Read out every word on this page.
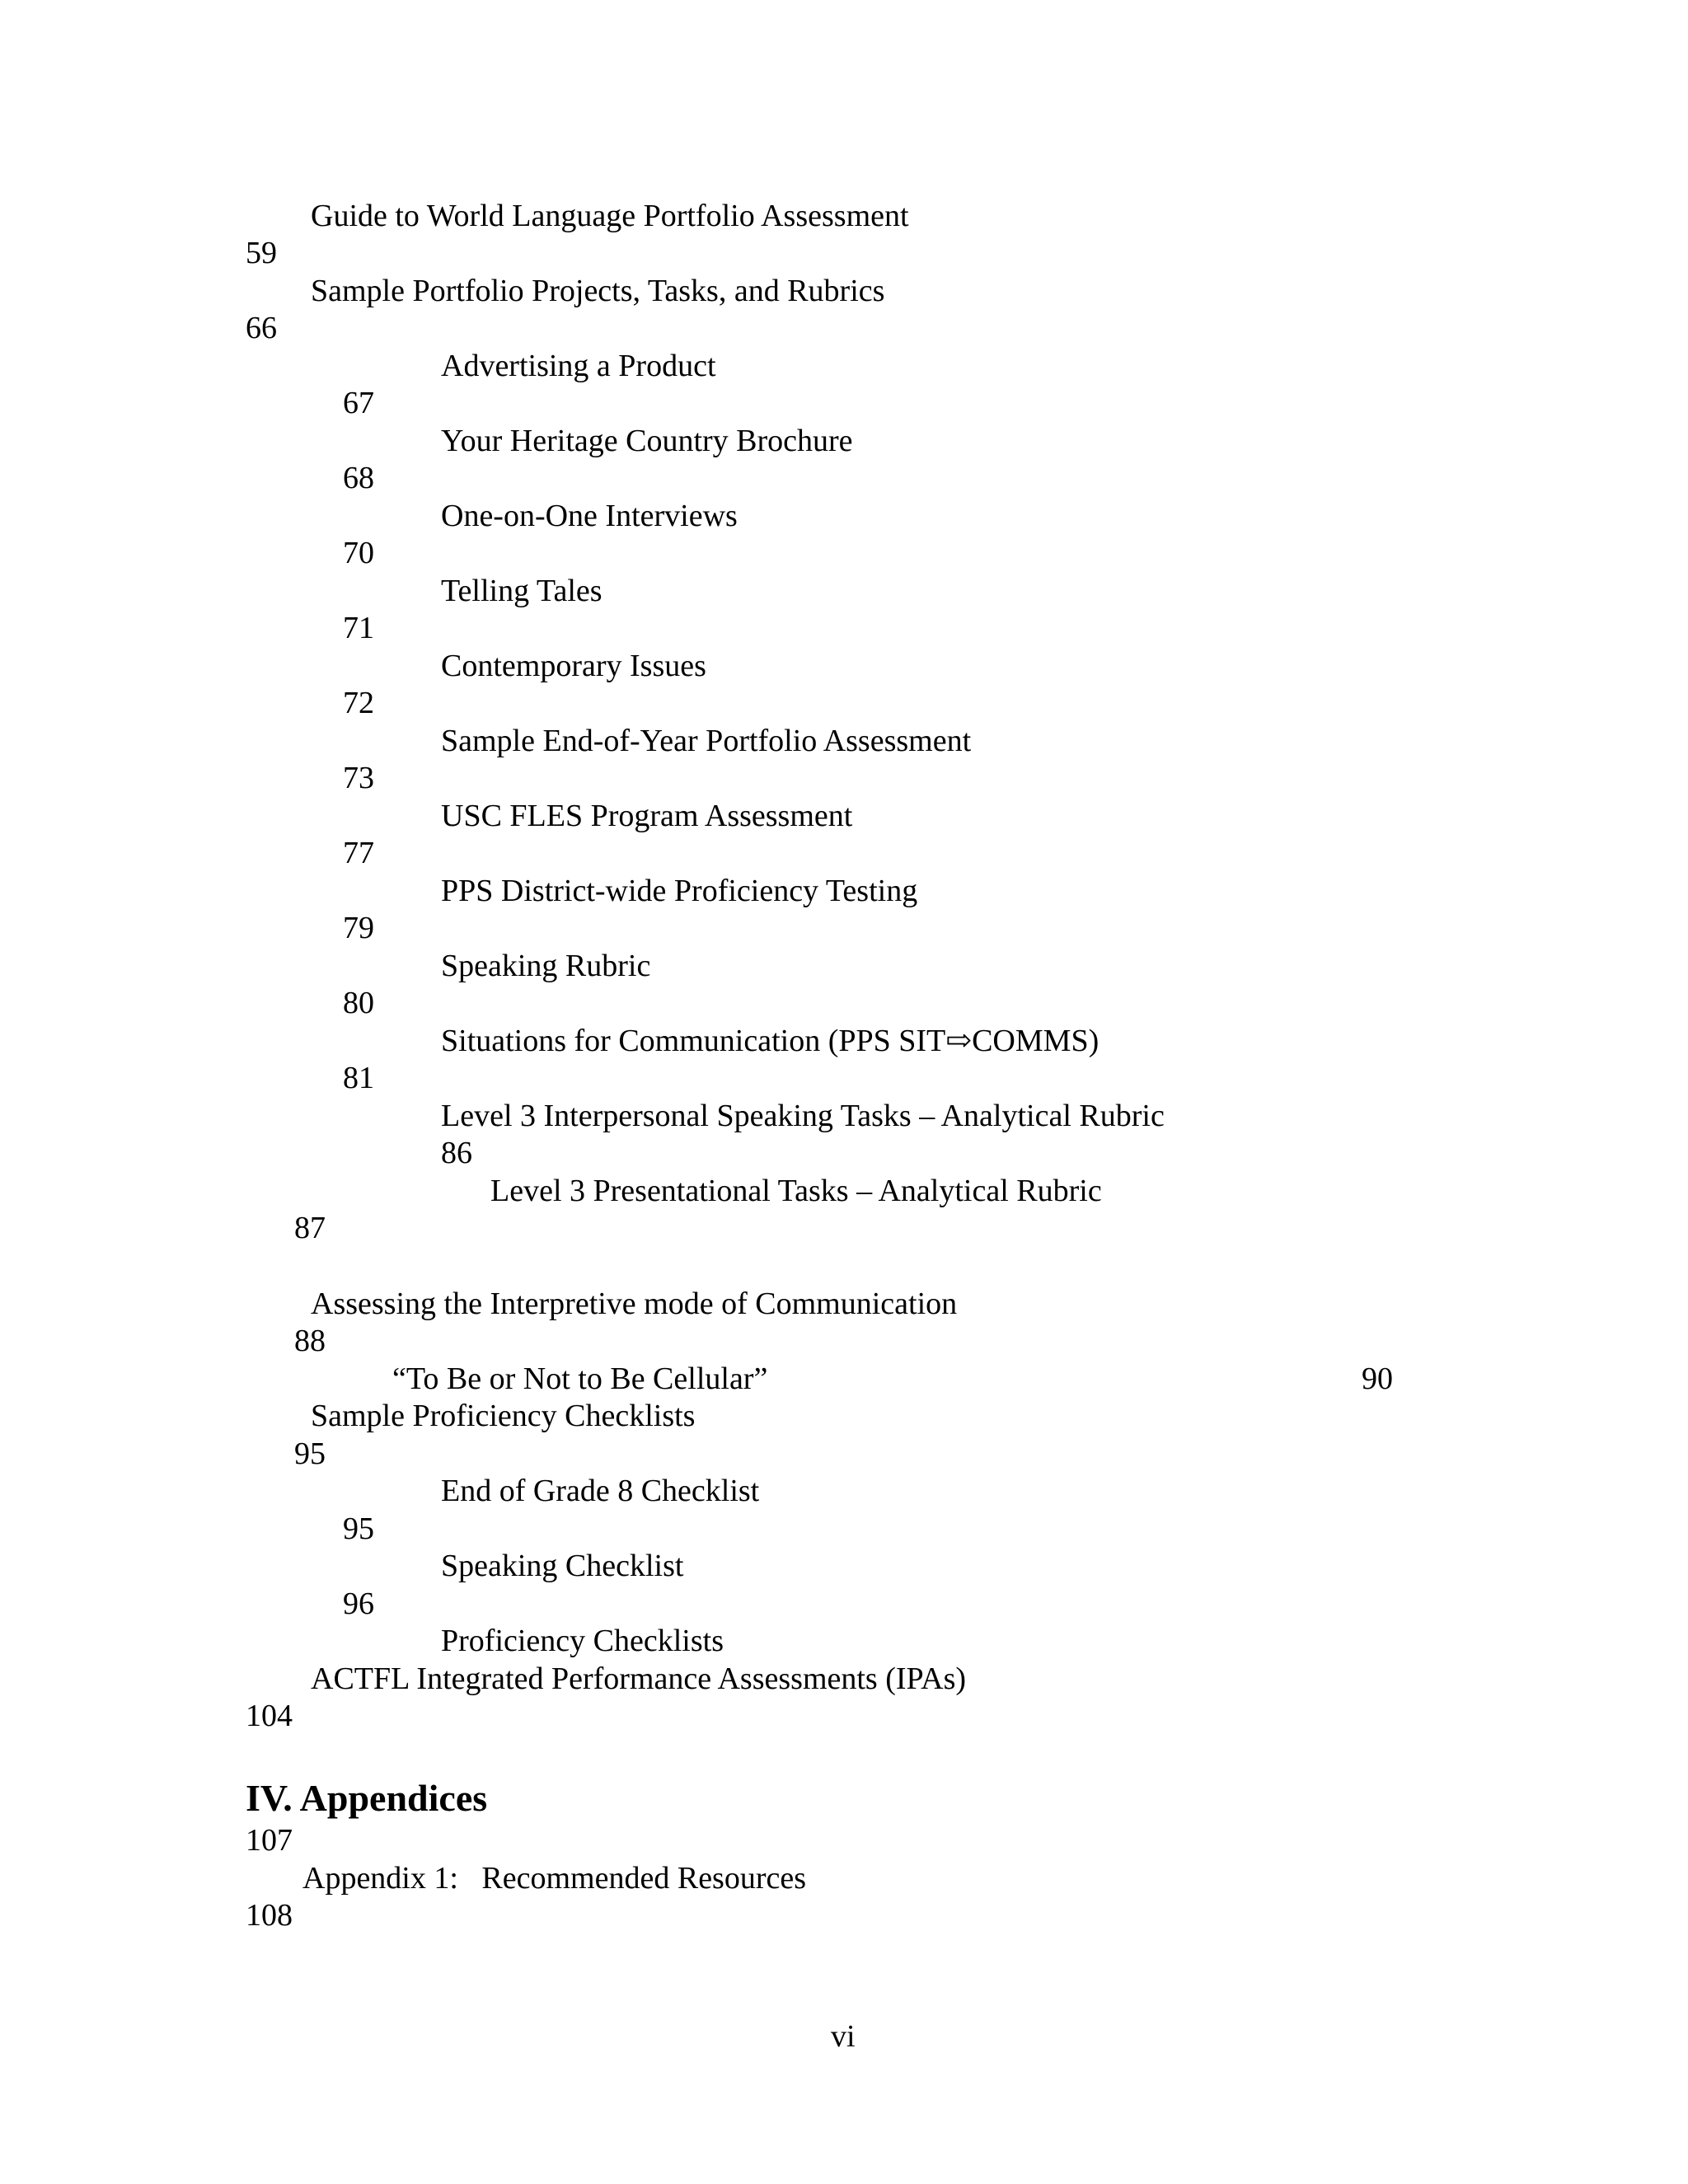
Guide to World Language Portfolio Assessment
59
Sample Portfolio Projects, Tasks, and Rubrics
66
Advertising a Product
67
Your Heritage Country Brochure
68
One-on-One Interviews
70
Telling Tales
71
Contemporary Issues
72
Sample End-of-Year Portfolio Assessment
73
USC FLES Program Assessment
77
PPS District-wide Proficiency Testing
79
Speaking Rubric
80
Situations for Communication (PPS SIT⇨COMMS)
81
Level 3 Interpersonal Speaking Tasks – Analytical Rubric
86
Level 3 Presentational Tasks – Analytical Rubric
87
Assessing the Interpretive mode of Communication
88
“To Be or Not to Be Cellular”	90
Sample Proficiency Checklists
95
End of Grade 8 Checklist
95
Speaking Checklist
96
Proficiency Checklists
ACTFL Integrated Performance Assessments (IPAs)
104
IV. Appendices
107
Appendix 1:   Recommended Resources
108
vi
